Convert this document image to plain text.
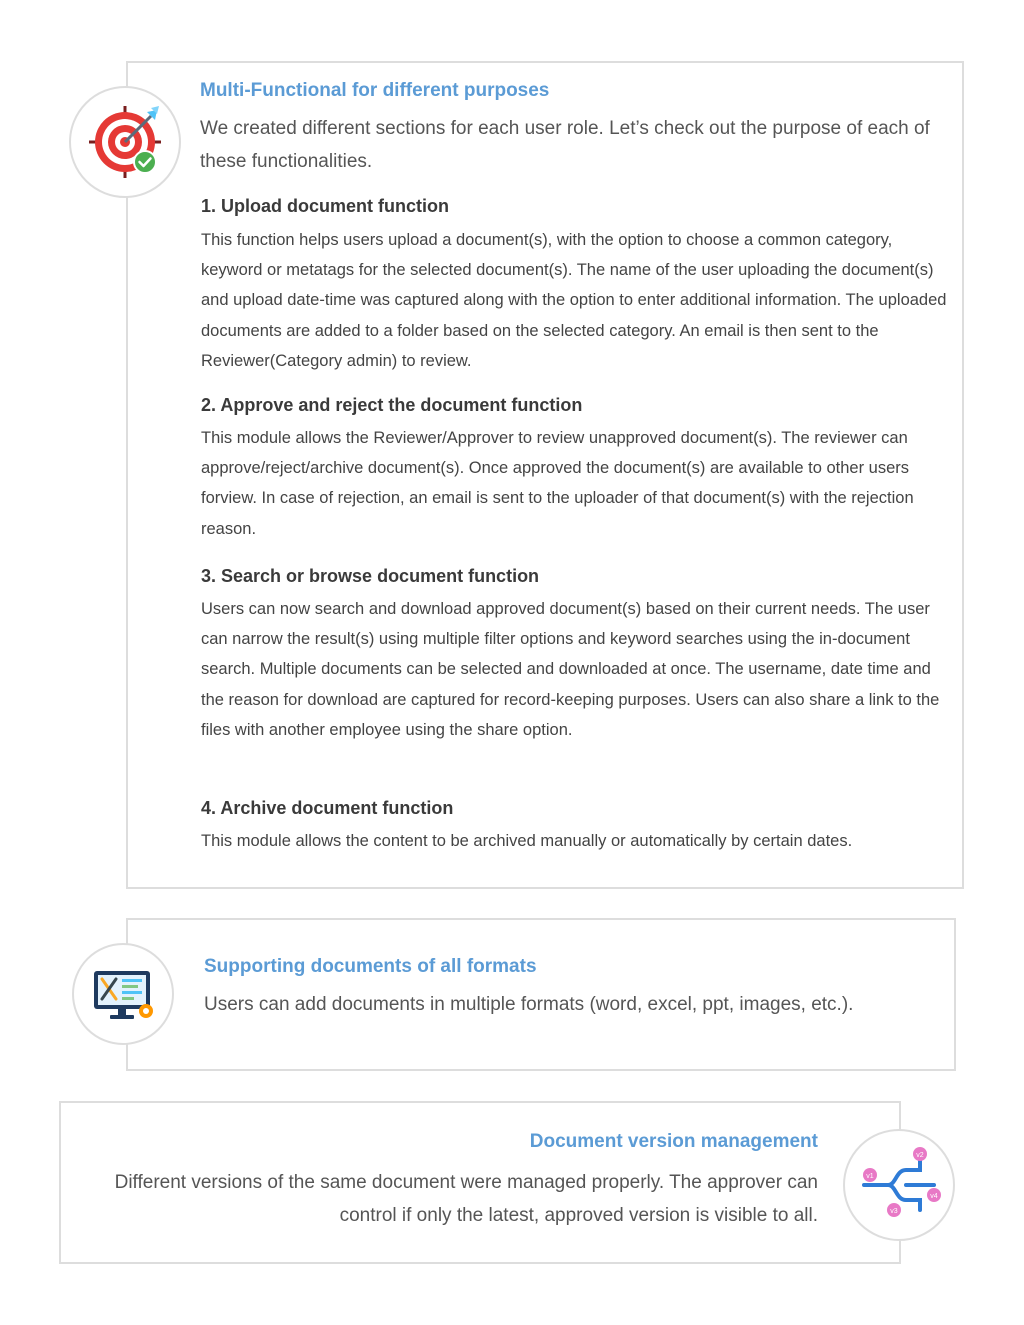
Multi-Functional for different purposes
We created different sections for each user role. Let’s check out the purpose of each of these functionalities.
1. Upload document function
This function helps users upload a document(s), with the option to choose a common category, keyword or metatags for the selected document(s). The name of the user uploading the document(s) and upload date-time was captured along with the option to enter additional information. The uploaded documents are added to a folder based on the selected category. An email is then sent to the Reviewer(Category admin) to review.
2. Approve and reject the document function
This module allows the Reviewer/Approver to review unapproved document(s). The reviewer can approve/reject/archive document(s). Once approved the document(s) are available to other users forview. In case of rejection, an email is sent to the uploader of that document(s) with the rejection reason.
3. Search or browse document function
Users can now search and download approved document(s) based on their current needs. The user can narrow the result(s) using multiple filter options and keyword searches using the in-document search. Multiple documents can be selected and downloaded at once. The username, date time and the reason for download are captured for record-keeping purposes. Users can also share a link to the files with another employee using the share option.
4. Archive document function
This module allows the content to be archived manually or automatically by certain dates.
Supporting documents of all formats
Users can add documents in multiple formats (word, excel, ppt, images, etc.).
v1
v2
v3
v4
Document version management
Different versions of the same document were managed properly. The approver can control if only the latest, approved version is visible to all.
